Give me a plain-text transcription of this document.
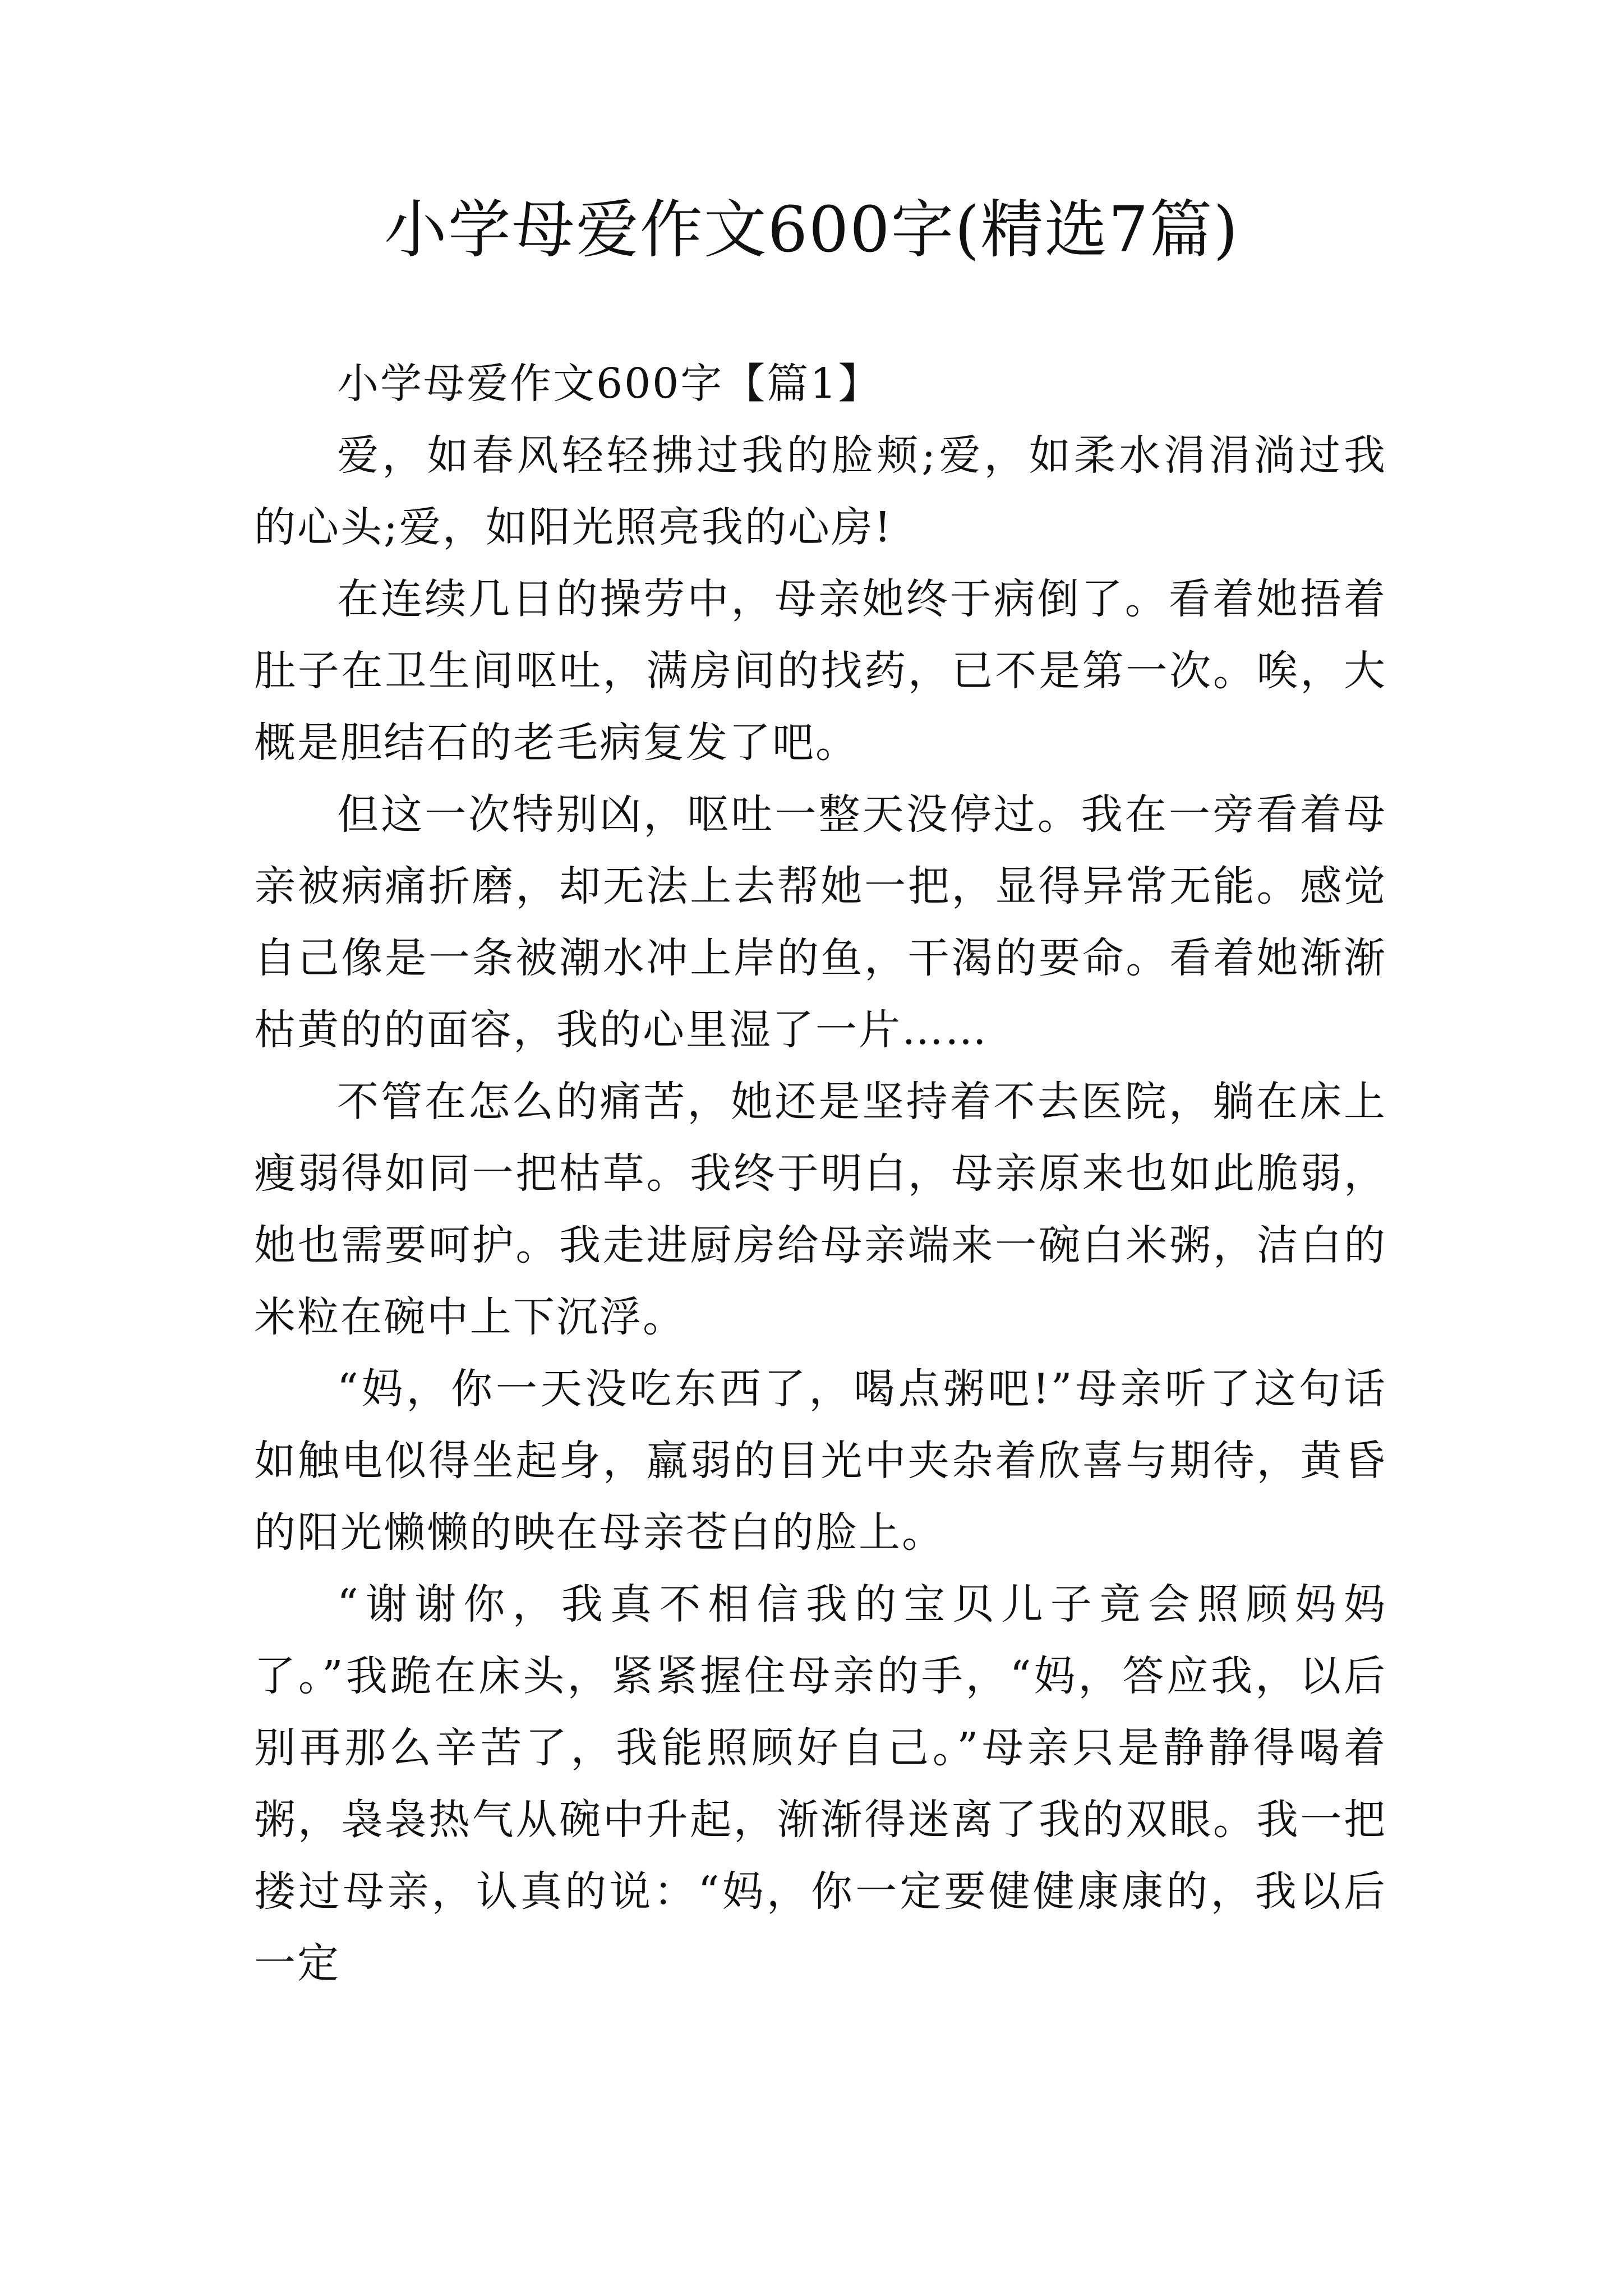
小学母爱作文600字(精选7篇)
小学母爱作文600字【篇1】

爱，如春风轻轻拂过我的脸颊;爱，如柔水涓涓淌过我的心头;爱，如阳光照亮我的心房!

在连续几日的操劳中，母亲她终于病倒了。看着她捂着肚子在卫生间呕吐，满房间的找药，已不是第一次。唉，大概是胆结石的老毛病复发了吧。

但这一次特别凶，呕吐一整天没停过。我在一旁看着母亲被病痛折磨，却无法上去帮她一把，显得异常无能。感觉自己像是一条被潮水冲上岸的鱼，干渴的要命。看着她渐渐枯黄的的面容，我的心里湿了一片……

不管在怎么的痛苦，她还是坚持着不去医院，躺在床上瘦弱得如同一把枯草。我终于明白，母亲原来也如此脆弱，她也需要呵护。我走进厨房给母亲端来一碗白米粥，洁白的米粒在碗中上下沉浮。

“妈，你一天没吃东西了，喝点粥吧!”母亲听了这句话如触电似得坐起身，羸弱的目光中夹杂着欣喜与期待，黄昏的阳光懒懒的映在母亲苍白的脸上。

“谢谢你，我真不相信我的宝贝儿子竟会照顾妈妈了。”我跪在床头，紧紧握住母亲的手，“妈，答应我，以后别再那么辛苦了，我能照顾好自己。”母亲只是静静得喝着粥，袅袅热气从碗中升起，渐渐得迷离了我的双眼。我一把搂过母亲，认真的说：“妈，你一定要健健康康的，我以后一定
